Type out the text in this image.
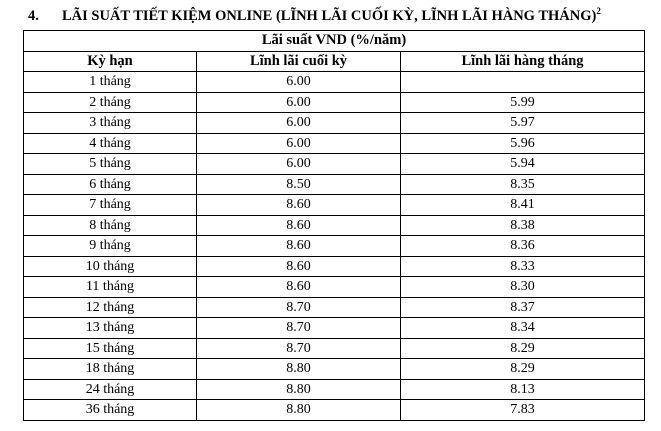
4. LÃI SUẤT TIẾT KIỆM ONLINE (LĨNH LÃI CUỐI KỲ, LĨNH LÃI HÀNG THÁNG)$^2$
Lãi suất VND (%/năm)		
Kỳ hạn	Lĩnh lãi cuối kỳ	Lĩnh lãi hàng tháng
1 tháng	6.00	
2 tháng	6.00	5.99
3 tháng	6.00	5.97
4 tháng	6.00	5.96
5 tháng	6.00	5.94
6 tháng	8.50	8.35
7 tháng	8.60	8.41
8 tháng	8.60	8.38
9 tháng	8.60	8.36
10 tháng	8.60	8.33
11 tháng	8.60	8.30
12 tháng	8.70	8.37
13 tháng	8.70	8.34
15 tháng	8.70	8.29
18 tháng	8.80	8.29
24 tháng	8.80	8.13
36 tháng	8.80	7.83
